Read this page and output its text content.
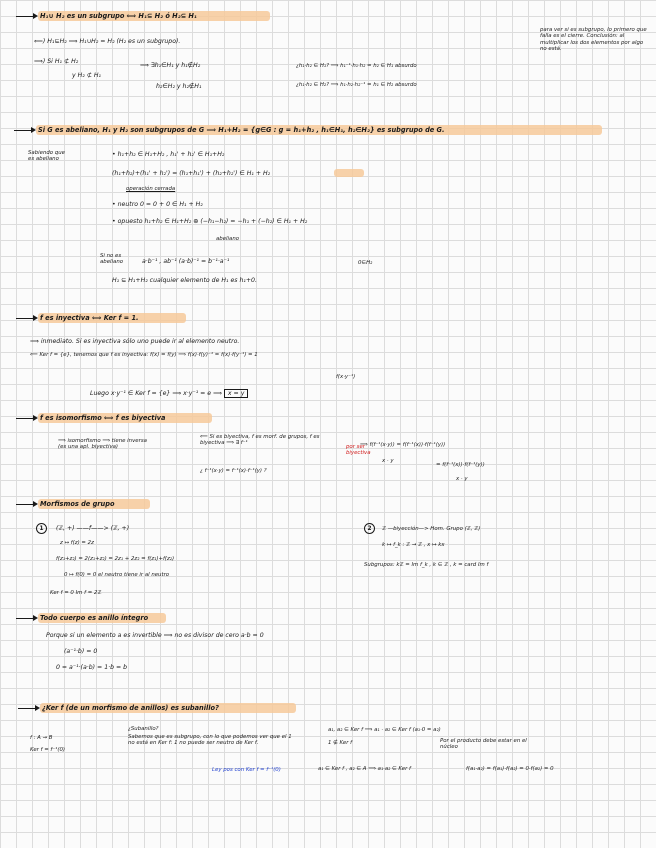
H₁∪ H₂ es un subgrupo ⟺ H₁⊆ H₂ ó H₂⊆ H₁
⟸) H₁⊆H₂ ⟹ H₁∪H₂ = H₂ (H₂ es un subgrupo).
⟹) Si H₁ ⊄ H₂
⟹ ∃h₁∈H₁ y h₁∉H₂
y H₂ ⊄ H₁
h₂∈H₂ y h₂∉H₁
¿h₁·h₂ ∈ H₁? ⟹ h₁⁻¹·h₁·h₂ = h₂ ∈ H₁ absurdo
¿h₁·h₂ ∈ H₂? ⟹ h₁·h₂·h₂⁻¹ = h₁ ∈ H₂ absurdo
para ver si es subgrupo, lo primero que falla es el cierre. Conclusión: al multiplicar los dos elementos por algo no está.
Si G es abeliano, H₁ y H₂ son subgrupos de G ⟹ H₁+H₂ = {g∈G : g = h₁+h₂ , h₁∈H₁, h₂∈H₂} es subgrupo de G.
Sabiendo que es abeliano
• h₁+h₂ ∈ H₁+H₂ , h₁' + h₂' ∈ H₁+H₂
(h₁+h₂)+(h₁' + h₂') = (h₁+h₁') + (h₂+h₂') ∈ H₁ + H₂
operación cerrada
• neutro 0 = 0 + 0 ∈ H₁ + H₂
• opuesto h₁+h₂ ∈ H₁+H₂ ⊕ (−h₁−h₂) = −h₁ + (−h₂) ∈ H₁ + H₂
abeliano
Si no es abeliano	a·b⁻¹ , ab⁻¹ (a·b)⁻¹ = b⁻¹·a⁻¹
H₁ ⊆ H₁+H₂ cualquier elemento de H₁ es h₁+0.
0∈H₂
f es inyectiva ⟺ Ker f = 1.
⟹ inmediato. Si es inyectiva sólo uno puede ir al elemento neutro.
⟸ Ker f = {e}, tenemos que f es inyectiva: f(x) = f(y) ⟹ f(x)·f(y)⁻¹ = f(x)·f(y⁻¹) = 1
f(x·y⁻¹)
Luego x·y⁻¹ ∈ Ker f = {e} ⟹ x·y⁻¹ = e ⟹ x = y
f es isomorfismo ⟺ f es biyectiva
⟹ isomorfismo ⟹ tiene inversa (es una apl. biyectiva)
⟸ Si es biyectiva, f es morf. de grupos, f es biyectiva ⟹ ∃ f⁻¹
¿ f⁻¹(x·y) = f⁻¹(x)·f⁻¹(y) ?
por ser biyectiva
⟹ f(f⁻¹(x·y)) = f(f⁻¹(x))·f(f⁻¹(y))
x · y
= f(f⁻¹(x))·f(f⁻¹(y))
x · y
Morfismos de grupo
1	(ℤ, +) ——f——> (ℤ, +)
z ↦ f(z) = 2z
f(z₁+z₂) = 2(z₁+z₂) = 2z₁ + 2z₂ = f(z₁)+f(z₂)
0 ↦ f(0) = 0 el neutro tiene ir al neutro
Ker f = 0 Im f = 2ℤ
2	ℤ —biyección—> Hom. Grupo (ℤ, ℤ)
k ↦ f_k : ℤ → ℤ , x ↦ kx
Subgrupos: kℤ = Im f_k , k ∈ ℤ , k = card Im f
Todo cuerpo es anillo íntegro
Porque si un elemento a es invertible ⟹ no es divisor de cero a·b = 0
(a⁻¹·b) = 0
0 = a⁻¹·(a·b) = 1·b = b
¿Ker f (de un morfismo de anillos) es subanillo?
f : A → B
Ker f = f⁻¹(0)
¿Subanillo?
Sabemos que es subgrupo, con lo que podemos ver que el 1 no está en Ker f: 1 no puede ser neutro de Ker f.
Ley pos con Ker f = f⁻¹(0)
a₁, a₂ ∈ Ker f ⟹ a₁ · a₂ ∈ Ker f (a₁·0 = a₂)
1 ∉ Ker f	Por el producto debe estar en el núcleo
a₁ ∈ Ker f , a₂ ∈ A ⟹ a₁·a₂ ∈ Ker f	f(a₁·a₂) = f(a₁)·f(a₂) = 0·f(a₂) = 0
